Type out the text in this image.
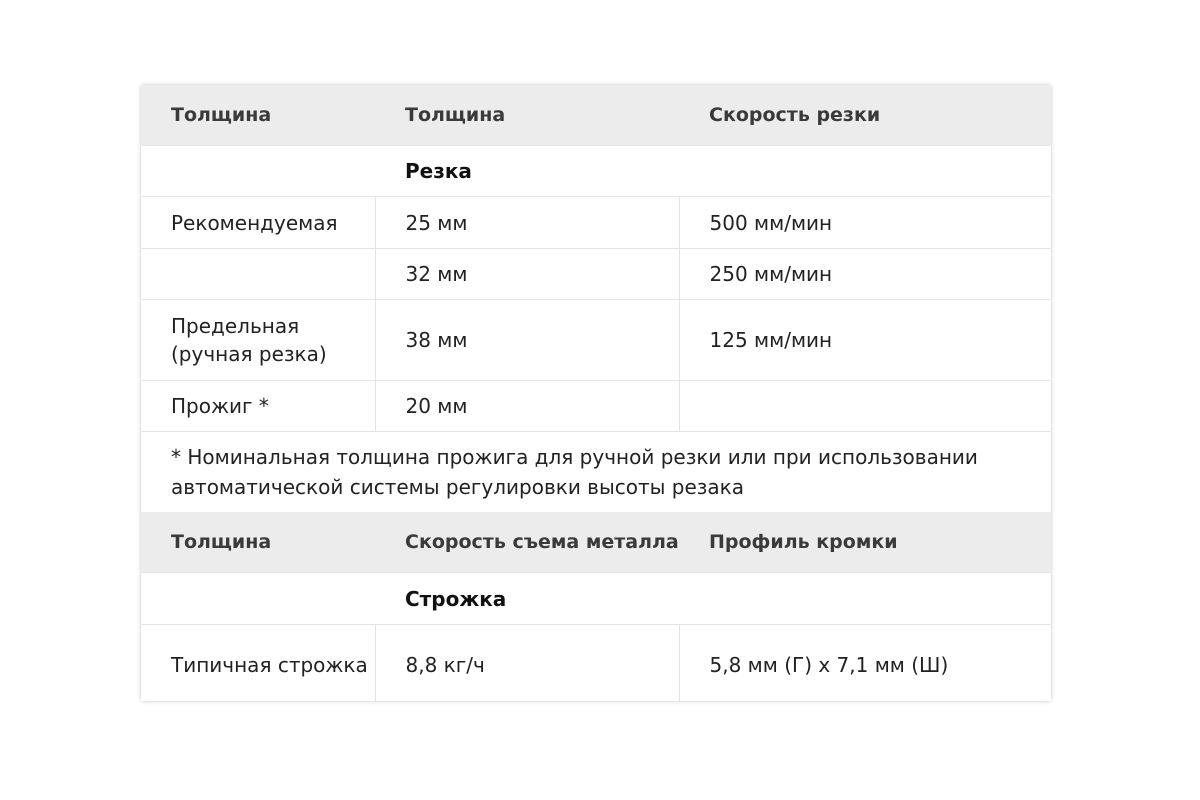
Толщина	Толщина	Скорость резки
	Резка	
Рекомендуемая	25 мм	500 мм/мин
	32 мм	250 мм/мин
Предельная (ручная резка)	38 мм	125 мм/мин
Прожиг *	20 мм	
* Номинальная толщина прожига для ручной резки или при использовании автоматической системы регулировки высоты резака		
Толщина	Скорость съема металла	Профиль кромки
	Строжка	
Типичная строжка	8,8 кг/ч	5,8 мм (Г) x 7,1 мм (Ш)
